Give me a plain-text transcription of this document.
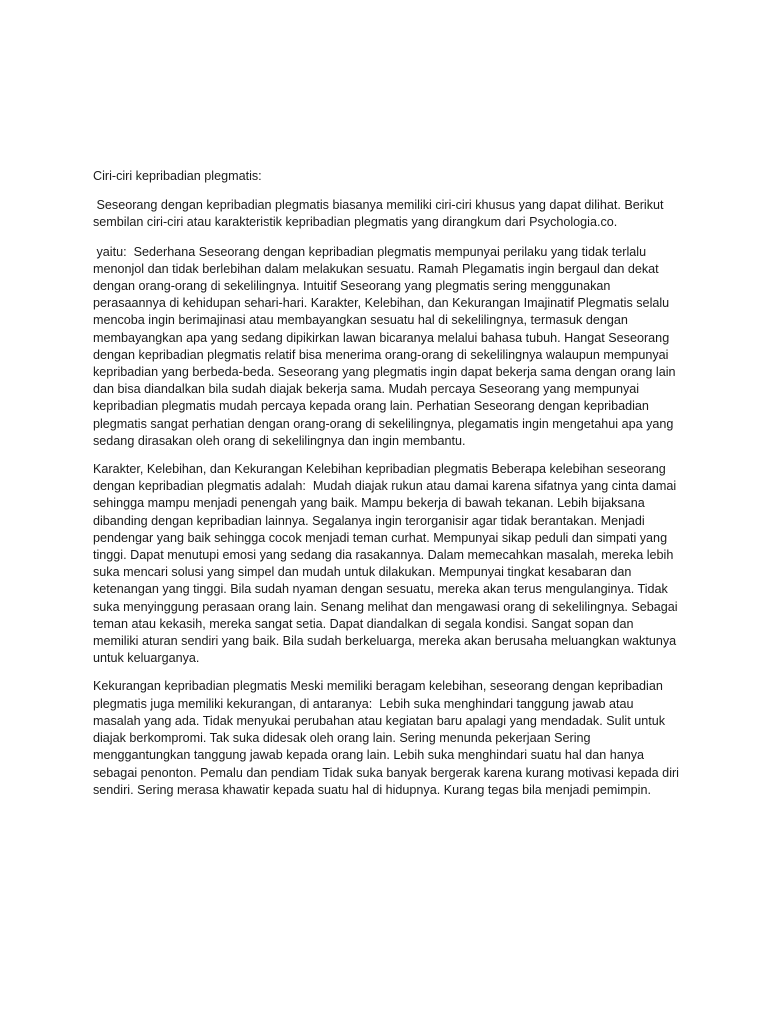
Ciri-ciri kepribadian plegmatis:

Seseorang dengan kepribadian plegmatis biasanya memiliki ciri-ciri khusus yang dapat dilihat. Berikut sembilan ciri-ciri atau karakteristik kepribadian plegmatis yang dirangkum dari Psychologia.co.

yaitu:  Sederhana Seseorang dengan kepribadian plegmatis mempunyai perilaku yang tidak terlalu menonjol dan tidak berlebihan dalam melakukan sesuatu. Ramah Plegamatis ingin bergaul dan dekat dengan orang-orang di sekelilingnya. Intuitif Seseorang yang plegmatis sering menggunakan perasaannya di kehidupan sehari-hari. Karakter, Kelebihan, dan Kekurangan Imajinatif Plegmatis selalu mencoba ingin berimajinasi atau membayangkan sesuatu hal di sekelilingnya, termasuk dengan membayangkan apa yang sedang dipikirkan lawan bicaranya melalui bahasa tubuh. Hangat Seseorang dengan kepribadian plegmatis relatif bisa menerima orang-orang di sekelilingnya walaupun mempunyai kepribadian yang berbeda-beda. Seseorang yang plegmatis ingin dapat bekerja sama dengan orang lain dan bisa diandalkan bila sudah diajak bekerja sama. Mudah percaya Seseorang yang mempunyai kepribadian plegmatis mudah percaya kepada orang lain. Perhatian Seseorang dengan kepribadian plegmatis sangat perhatian dengan orang-orang di sekelilingnya, plegamatis ingin mengetahui apa yang sedang dirasakan oleh orang di sekelilingnya dan ingin membantu.

Karakter, Kelebihan, dan Kekurangan Kelebihan kepribadian plegmatis Beberapa kelebihan seseorang dengan kepribadian plegmatis adalah:  Mudah diajak rukun atau damai karena sifatnya yang cinta damai sehingga mampu menjadi penengah yang baik. Mampu bekerja di bawah tekanan. Lebih bijaksana dibanding dengan kepribadian lainnya. Segalanya ingin terorganisir agar tidak berantakan. Menjadi pendengar yang baik sehingga cocok menjadi teman curhat. Mempunyai sikap peduli dan simpati yang tinggi. Dapat menutupi emosi yang sedang dia rasakannya. Dalam memecahkan masalah, mereka lebih suka mencari solusi yang simpel dan mudah untuk dilakukan. Mempunyai tingkat kesabaran dan ketenangan yang tinggi. Bila sudah nyaman dengan sesuatu, mereka akan terus mengulanginya. Tidak suka menyinggung perasaan orang lain. Senang melihat dan mengawasi orang di sekelilingnya. Sebagai teman atau kekasih, mereka sangat setia. Dapat diandalkan di segala kondisi. Sangat sopan dan memiliki aturan sendiri yang baik. Bila sudah berkeluarga, mereka akan berusaha meluangkan waktunya untuk keluarganya.

Kekurangan kepribadian plegmatis Meski memiliki beragam kelebihan, seseorang dengan kepribadian plegmatis juga memiliki kekurangan, di antaranya:  Lebih suka menghindari tanggung jawab atau masalah yang ada. Tidak menyukai perubahan atau kegiatan baru apalagi yang mendadak. Sulit untuk diajak berkompromi. Tak suka didesak oleh orang lain. Sering menunda pekerjaan Sering menggantungkan tanggung jawab kepada orang lain. Lebih suka menghindari suatu hal dan hanya sebagai penonton. Pemalu dan pendiam Tidak suka banyak bergerak karena kurang motivasi kepada diri sendiri. Sering merasa khawatir kepada suatu hal di hidupnya. Kurang tegas bila menjadi pemimpin.
